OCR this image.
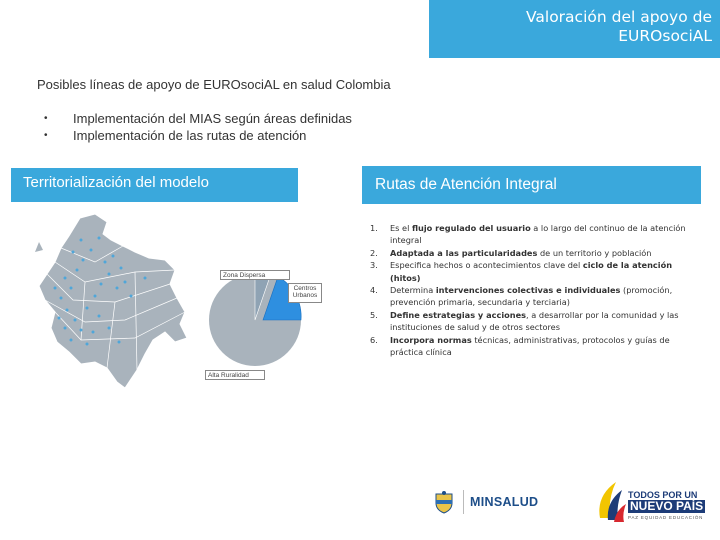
Valoración del apoyo de
EUROsociAL
Posibles líneas de apoyo de EUROsociAL en salud Colombia
• Implementación del MIAS según áreas definidas
• Implementación de las rutas de atención
Territorialización del modelo	Rutas de Atención Integral
Zona Dispersa
Centros Urbanos
Alta Ruralidad
1. Es el flujo regulado del usuario a lo largo del continuo de la atención integral
2. Adaptada a las particularidades de un territorio y población
3. Especifica hechos o acontecimientos clave del ciclo de la atención (hitos)
4. Determina intervenciones colectivas e individuales (promoción, prevención primaria, secundaria y terciaria)
5. Define estrategias y acciones, a desarrollar por la comunidad y las instituciones de salud y de otros sectores
6. Incorpora normas técnicas, administrativas, protocolos y guías de práctica clínica
MINSALUD	TODOS POR UN
NUEVO PAÍS
PAZ EQUIDAD EDUCACIÓN
